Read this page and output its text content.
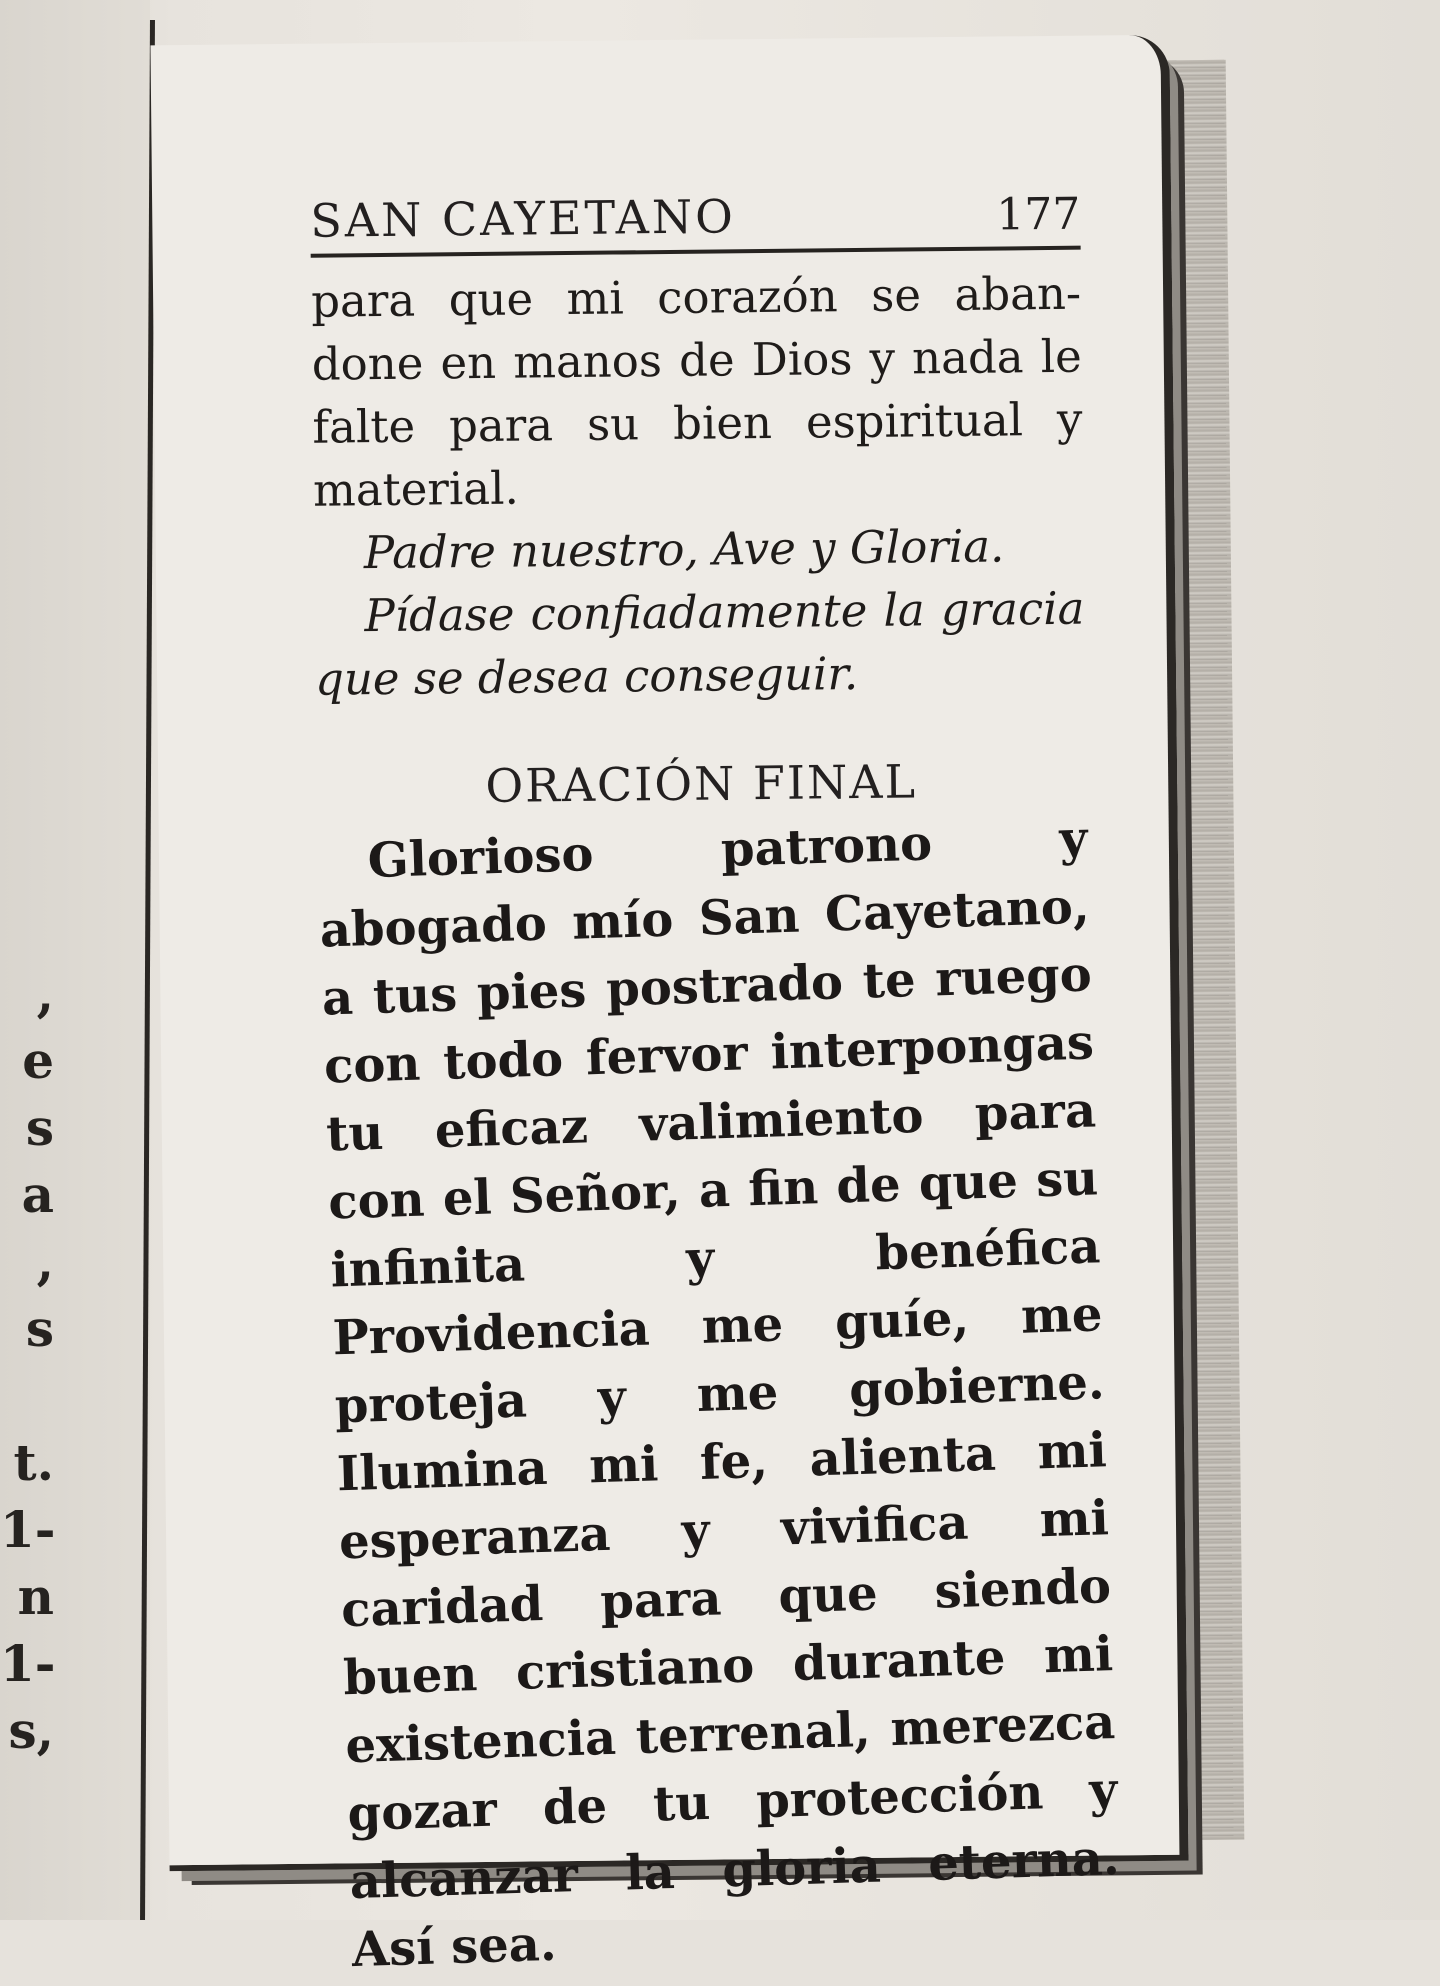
,
e
s
a
,
s
t.
1-
n
1-
s,
SAN CAYETANO	177

para que mi corazón se aban-done en manos de Dios y nada le falte para su bien espiritual y material.

Padre nuestro, Ave y Gloria.

Pídase confiadamente la gracia que se desea conseguir.

ORACIÓN FINAL

Glorioso patrono y abogado mío San Cayetano, a tus pies postrado te ruego con todo fervor interpongas tu eficaz valimiento para con el Señor, a fin de que su infinita y benéfica Providencia me guíe, me proteja y me gobierne. Ilumina mi fe, alienta mi esperanza y vivifica mi caridad para que siendo buen cristiano durante mi existencia terrenal, merezca gozar de tu protección y alcanzar la gloria eterna. Así sea.
